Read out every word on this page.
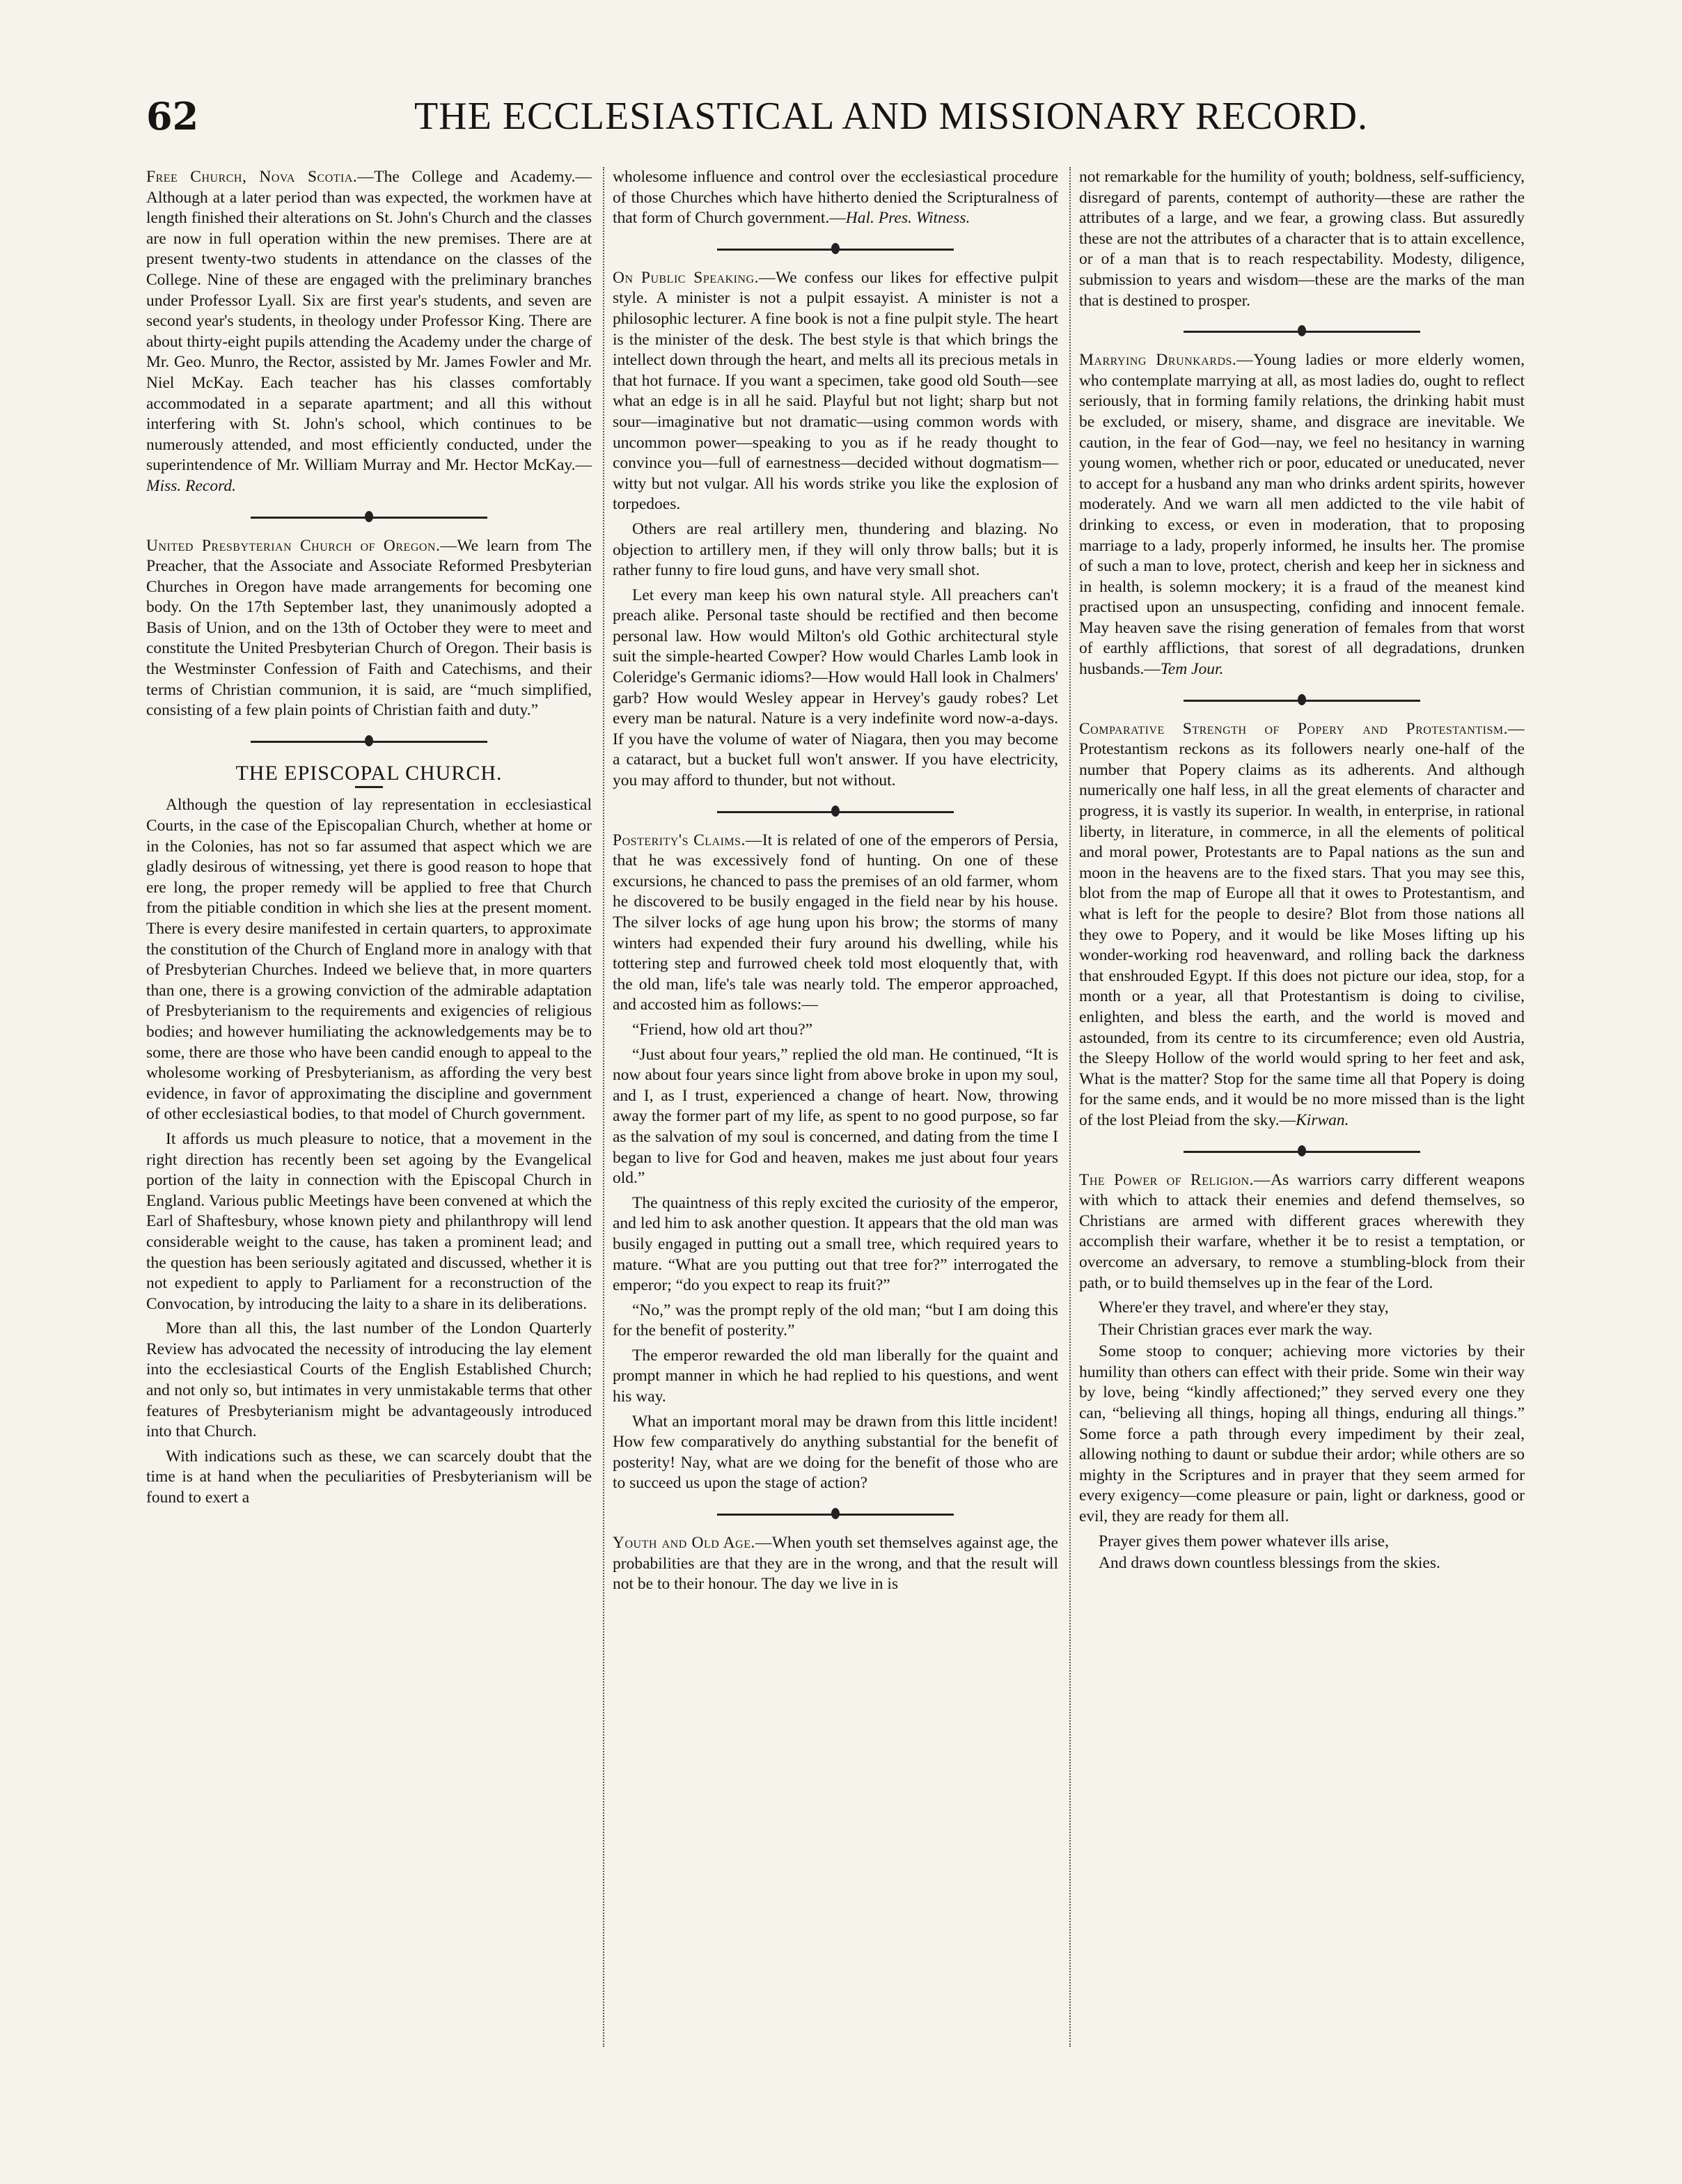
62	THE ECCLESIASTICAL AND MISSIONARY RECORD.

Free Church, Nova Scotia.—The College and Academy.—Although at a later period than was expected, the workmen have at length finished their alterations on St. John's Church and the classes are now in full operation within the new premises. There are at present twenty-two students in attendance on the classes of the College. Nine of these are engaged with the preliminary branches under Professor Lyall. Six are first year's students, and seven are second year's students, in theology under Professor King. There are about thirty-eight pupils attending the Academy under the charge of Mr. Geo. Munro, the Rector, assisted by Mr. James Fowler and Mr. Niel McKay. Each teacher has his classes comfortably accommodated in a separate apartment; and all this without interfering with St. John's school, which continues to be numerously attended, and most efficiently conducted, under the superintendence of Mr. William Murray and Mr. Hector McKay.—Miss. Record.

United Presbyterian Church of Oregon.—We learn from The Preacher, that the Associate and Associate Reformed Presbyterian Churches in Oregon have made arrangements for becoming one body. On the 17th September last, they unanimously adopted a Basis of Union, and on the 13th of October they were to meet and constitute the United Presbyterian Church of Oregon. Their basis is the Westminster Confession of Faith and Catechisms, and their terms of Christian communion, it is said, are “much simplified, consisting of a few plain points of Christian faith and duty.”

THE EPISCOPAL CHURCH.

Although the question of lay representation in ecclesiastical Courts, in the case of the Episcopalian Church, whether at home or in the Colonies, has not so far assumed that aspect which we are gladly desirous of witnessing, yet there is good reason to hope that ere long, the proper remedy will be applied to free that Church from the pitiable condition in which she lies at the present moment. There is every desire manifested in certain quarters, to approximate the constitution of the Church of England more in analogy with that of Presbyterian Churches. Indeed we believe that, in more quarters than one, there is a growing conviction of the admirable adaptation of Presbyterianism to the requirements and exigencies of religious bodies; and however humiliating the acknowledgements may be to some, there are those who have been candid enough to appeal to the wholesome working of Presbyterianism, as affording the very best evidence, in favor of approximating the discipline and government of other ecclesiastical bodies, to that model of Church government.

It affords us much pleasure to notice, that a movement in the right direction has recently been set agoing by the Evangelical portion of the laity in connection with the Episcopal Church in England. Various public Meetings have been convened at which the Earl of Shaftesbury, whose known piety and philanthropy will lend considerable weight to the cause, has taken a prominent lead; and the question has been seriously agitated and discussed, whether it is not expedient to apply to Parliament for a reconstruction of the Convocation, by introducing the laity to a share in its deliberations.

More than all this, the last number of the London Quarterly Review has advocated the necessity of introducing the lay element into the ecclesiastical Courts of the English Established Church; and not only so, but intimates in very unmistakable terms that other features of Presbyterianism might be advantageously introduced into that Church.

With indications such as these, we can scarcely doubt that the time is at hand when the peculiarities of Presbyterianism will be found to exert a

wholesome influence and control over the ecclesiastical procedure of those Churches which have hitherto denied the Scripturalness of that form of Church government.—Hal. Pres. Witness.

On Public Speaking.—We confess our likes for effective pulpit style. A minister is not a pulpit essayist. A minister is not a philosophic lecturer. A fine book is not a fine pulpit style. The heart is the minister of the desk. The best style is that which brings the intellect down through the heart, and melts all its precious metals in that hot furnace. If you want a specimen, take good old South—see what an edge is in all he said. Playful but not light; sharp but not sour—imaginative but not dramatic—using common words with uncommon power—speaking to you as if he ready thought to convince you—full of earnestness—decided without dogmatism—witty but not vulgar. All his words strike you like the explosion of torpedoes.

Others are real artillery men, thundering and blazing. No objection to artillery men, if they will only throw balls; but it is rather funny to fire loud guns, and have very small shot.

Let every man keep his own natural style. All preachers can't preach alike. Personal taste should be rectified and then become personal law. How would Milton's old Gothic architectural style suit the simple-hearted Cowper? How would Charles Lamb look in Coleridge's Germanic idioms?—How would Hall look in Chalmers' garb? How would Wesley appear in Hervey's gaudy robes? Let every man be natural. Nature is a very indefinite word now-a-days. If you have the volume of water of Niagara, then you may become a cataract, but a bucket full won't answer. If you have electricity, you may afford to thunder, but not without.

Posterity's Claims.—It is related of one of the emperors of Persia, that he was excessively fond of hunting. On one of these excursions, he chanced to pass the premises of an old farmer, whom he discovered to be busily engaged in the field near by his house. The silver locks of age hung upon his brow; the storms of many winters had expended their fury around his dwelling, while his tottering step and furrowed cheek told most eloquently that, with the old man, life's tale was nearly told. The emperor approached, and accosted him as follows:—

“Friend, how old art thou?”

“Just about four years,” replied the old man. He continued, “It is now about four years since light from above broke in upon my soul, and I, as I trust, experienced a change of heart. Now, throwing away the former part of my life, as spent to no good purpose, so far as the salvation of my soul is concerned, and dating from the time I began to live for God and heaven, makes me just about four years old.”

The quaintness of this reply excited the curiosity of the emperor, and led him to ask another question. It appears that the old man was busily engaged in putting out a small tree, which required years to mature. “What are you putting out that tree for?” interrogated the emperor; “do you expect to reap its fruit?”

“No,” was the prompt reply of the old man; “but I am doing this for the benefit of posterity.”

The emperor rewarded the old man liberally for the quaint and prompt manner in which he had replied to his questions, and went his way.

What an important moral may be drawn from this little incident! How few comparatively do anything substantial for the benefit of posterity! Nay, what are we doing for the benefit of those who are to succeed us upon the stage of action?

Youth and Old Age.—When youth set themselves against age, the probabilities are that they are in the wrong, and that the result will not be to their honour. The day we live in is

not remarkable for the humility of youth; boldness, self-sufficiency, disregard of parents, contempt of authority—these are rather the attributes of a large, and we fear, a growing class. But assuredly these are not the attributes of a character that is to attain excellence, or of a man that is to reach respectability. Modesty, diligence, submission to years and wisdom—these are the marks of the man that is destined to prosper.

Marrying Drunkards.—Young ladies or more elderly women, who contemplate marrying at all, as most ladies do, ought to reflect seriously, that in forming family relations, the drinking habit must be excluded, or misery, shame, and disgrace are inevitable. We caution, in the fear of God—nay, we feel no hesitancy in warning young women, whether rich or poor, educated or uneducated, never to accept for a husband any man who drinks ardent spirits, however moderately. And we warn all men addicted to the vile habit of drinking to excess, or even in moderation, that to proposing marriage to a lady, properly informed, he insults her. The promise of such a man to love, protect, cherish and keep her in sickness and in health, is solemn mockery; it is a fraud of the meanest kind practised upon an unsuspecting, confiding and innocent female. May heaven save the rising generation of females from that worst of earthly afflictions, that sorest of all degradations, drunken husbands.—Tem Jour.

Comparative Strength of Popery and Protestantism.—Protestantism reckons as its followers nearly one-half of the number that Popery claims as its adherents. And although numerically one half less, in all the great elements of character and progress, it is vastly its superior. In wealth, in enterprise, in rational liberty, in literature, in commerce, in all the elements of political and moral power, Protestants are to Papal nations as the sun and moon in the heavens are to the fixed stars. That you may see this, blot from the map of Europe all that it owes to Protestantism, and what is left for the people to desire? Blot from those nations all they owe to Popery, and it would be like Moses lifting up his wonder-working rod heavenward, and rolling back the darkness that enshrouded Egypt. If this does not picture our idea, stop, for a month or a year, all that Protestantism is doing to civilise, enlighten, and bless the earth, and the world is moved and astounded, from its centre to its circumference; even old Austria, the Sleepy Hollow of the world would spring to her feet and ask, What is the matter? Stop for the same time all that Popery is doing for the same ends, and it would be no more missed than is the light of the lost Pleiad from the sky.—Kirwan.

The Power of Religion.—As warriors carry different weapons with which to attack their enemies and defend themselves, so Christians are armed with different graces wherewith they accomplish their warfare, whether it be to resist a temptation, or overcome an adversary, to remove a stumbling-block from their path, or to build themselves up in the fear of the Lord.

Where'er they travel, and where'er they stay,

Their Christian graces ever mark the way.

Some stoop to conquer; achieving more victories by their humility than others can effect with their pride. Some win their way by love, being “kindly affectioned;” they served every one they can, “believing all things, hoping all things, enduring all things.” Some force a path through every impediment by their zeal, allowing nothing to daunt or subdue their ardor; while others are so mighty in the Scriptures and in prayer that they seem armed for every exigency—come pleasure or pain, light or darkness, good or evil, they are ready for them all.

Prayer gives them power whatever ills arise,

And draws down countless blessings from the skies.
